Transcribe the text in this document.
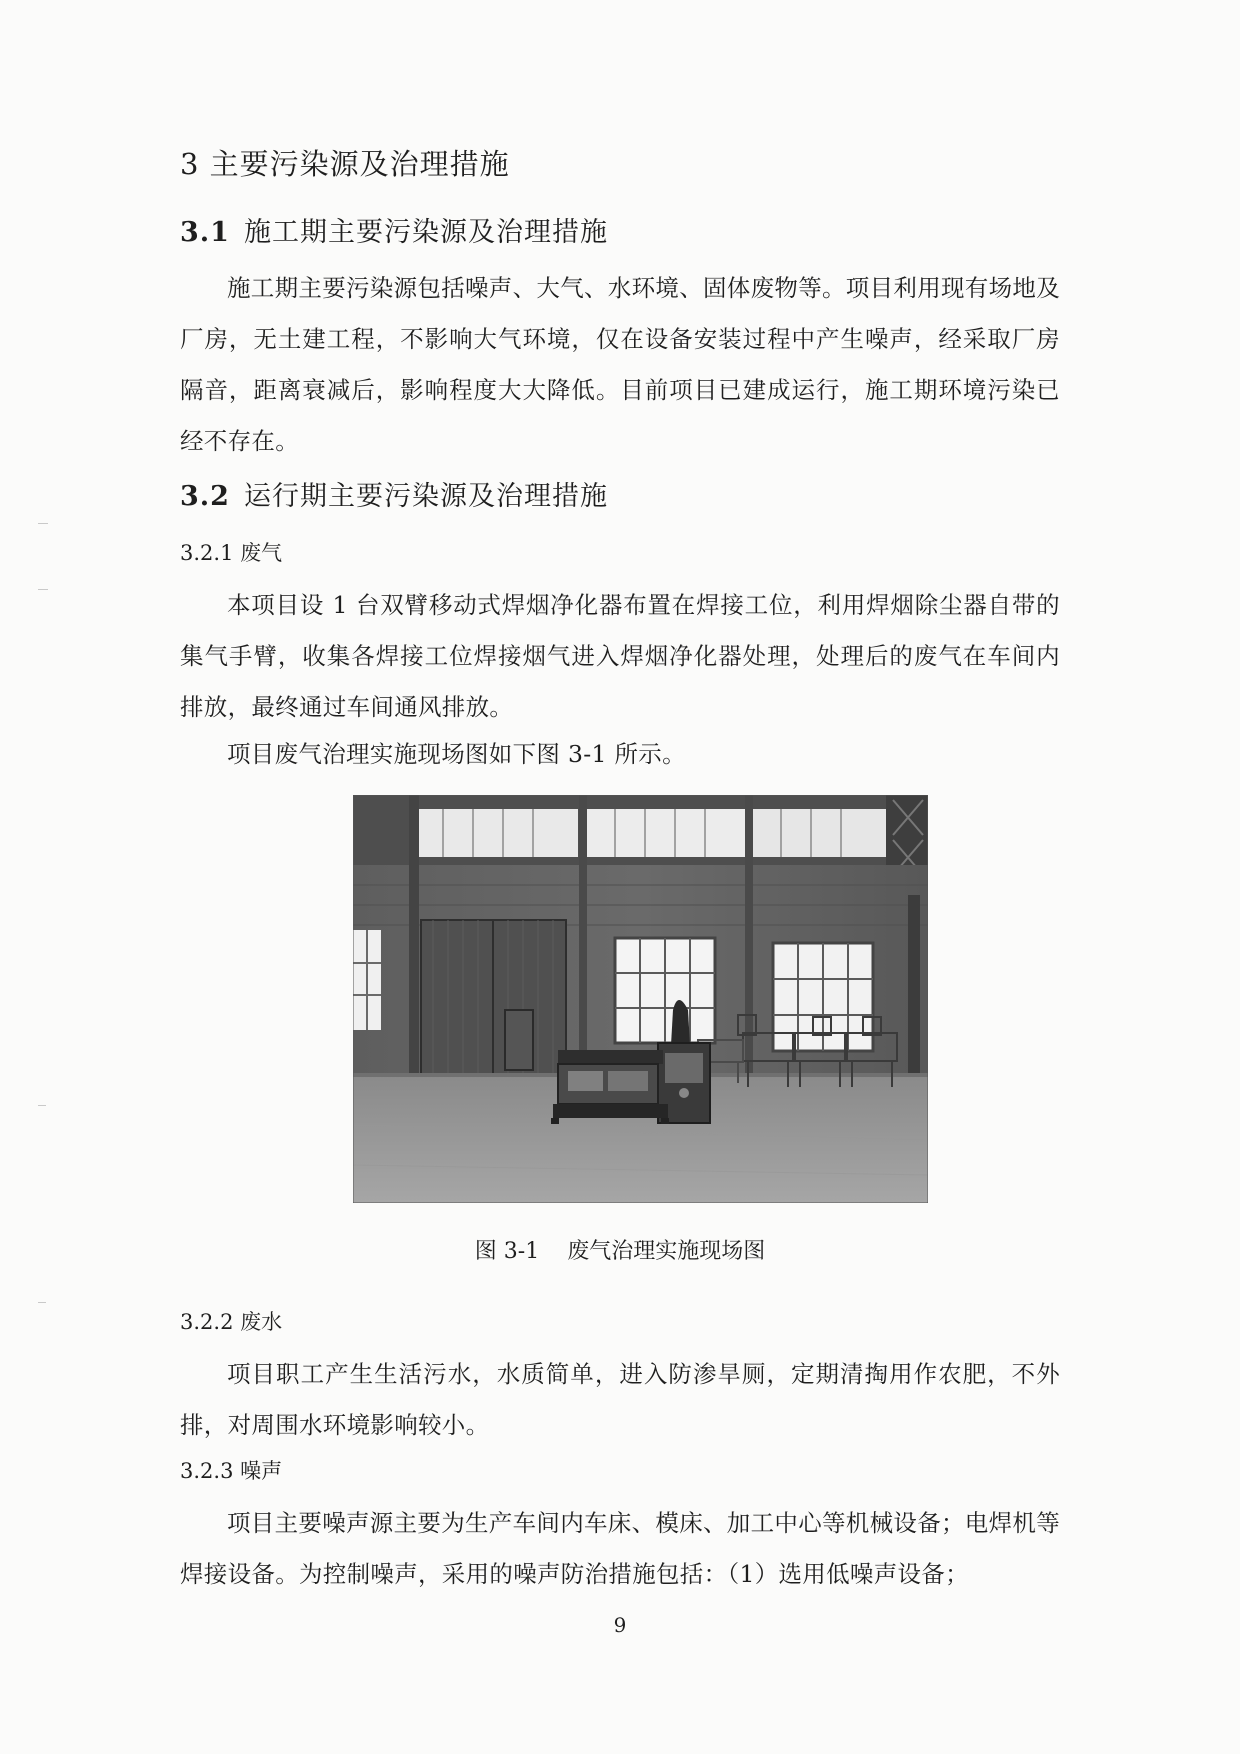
3 主要污染源及治理措施
3.1 施工期主要污染源及治理措施

施工期主要污染源包括噪声、大气、水环境、固体废物等。项目利用现有场地及厂房，无土建工程，不影响大气环境，仅在设备安装过程中产生噪声，经采取厂房隔音，距离衰减后，影响程度大大降低。目前项目已建成运行，施工期环境污染已经不存在。

3.2 运行期主要污染源及治理措施
3.2.1 废气

本项目设 1 台双臂移动式焊烟净化器布置在焊接工位，利用焊烟除尘器自带的集气手臂，收集各焊接工位焊接烟气进入焊烟净化器处理，处理后的废气在车间内排放，最终通过车间通风排放。

项目废气治理实施现场图如下图 3-1 所示。

图 3-1 废气治理实施现场图
3.2.2 废水

项目职工产生生活污水，水质简单，进入防渗旱厕，定期清掏用作农肥，不外排，对周围水环境影响较小。

3.2.3 噪声

项目主要噪声源主要为生产车间内车床、模床、加工中心等机械设备；电焊机等焊接设备。为控制噪声，采用的噪声防治措施包括：（1）选用低噪声设备；

9
